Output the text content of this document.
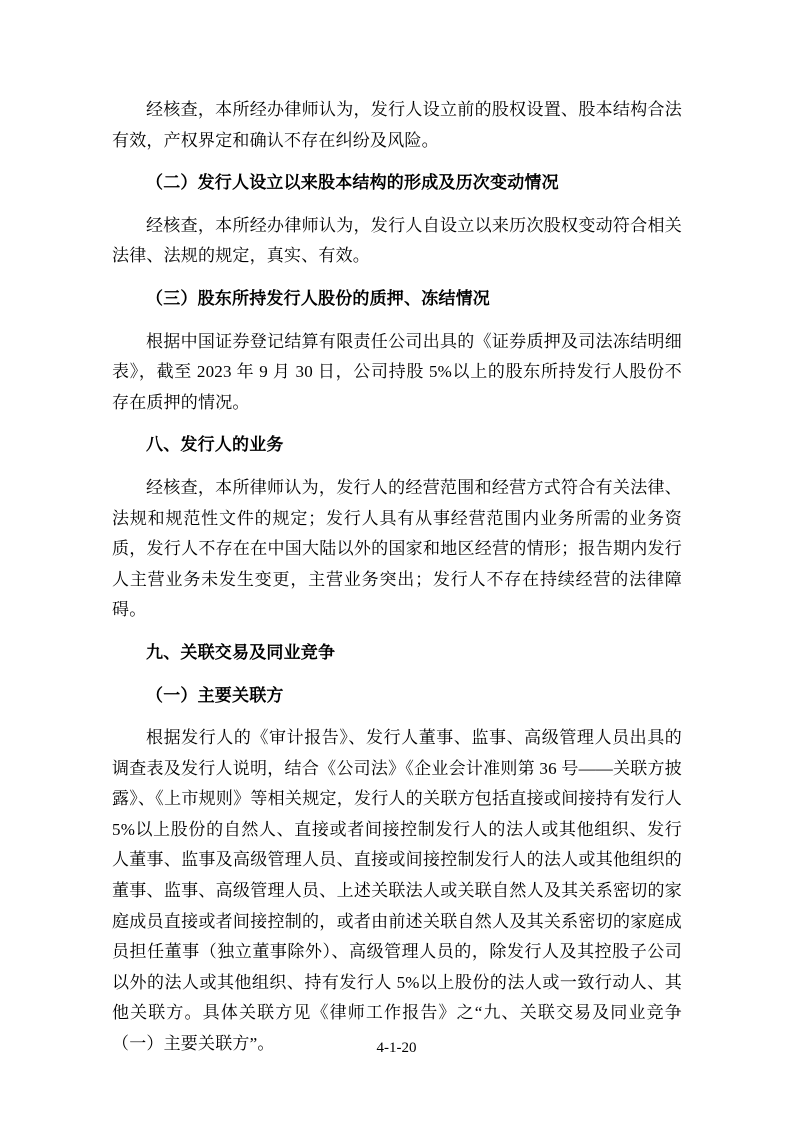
经核查，本所经办律师认为，发行人设立前的股权设置、股本结构合法有效，产权界定和确认不存在纠纷及风险。

（二）发行人设立以来股本结构的形成及历次变动情况

经核查，本所经办律师认为，发行人自设立以来历次股权变动符合相关法律、法规的规定，真实、有效。

（三）股东所持发行人股份的质押、冻结情况

根据中国证券登记结算有限责任公司出具的《证券质押及司法冻结明细表》，截至 2023 年 9 月 30 日，公司持股 5%以上的股东所持发行人股份不存在质押的情况。

八、发行人的业务

经核查，本所律师认为，发行人的经营范围和经营方式符合有关法律、法规和规范性文件的规定；发行人具有从事经营范围内业务所需的业务资质，发行人不存在在中国大陆以外的国家和地区经营的情形；报告期内发行人主营业务未发生变更，主营业务突出；发行人不存在持续经营的法律障碍。

九、关联交易及同业竞争
（一）主要关联方

根据发行人的《审计报告》、发行人董事、监事、高级管理人员出具的调查表及发行人说明，结合《公司法》《企业会计准则第 36 号——关联方披露》、《上市规则》等相关规定，发行人的关联方包括直接或间接持有发行人 5%以上股份的自然人、直接或者间接控制发行人的法人或其他组织、发行人董事、监事及高级管理人员、直接或间接控制发行人的法人或其他组织的董事、监事、高级管理人员、上述关联法人或关联自然人及其关系密切的家庭成员直接或者间接控制的，或者由前述关联自然人及其关系密切的家庭成员担任董事（独立董事除外）、高级管理人员的，除发行人及其控股子公司以外的法人或其他组织、持有发行人 5%以上股份的法人或一致行动人、其他关联方。具体关联方见《律师工作报告》之“九、关联交易及同业竞争（一）主要关联方”。	4-1-20
